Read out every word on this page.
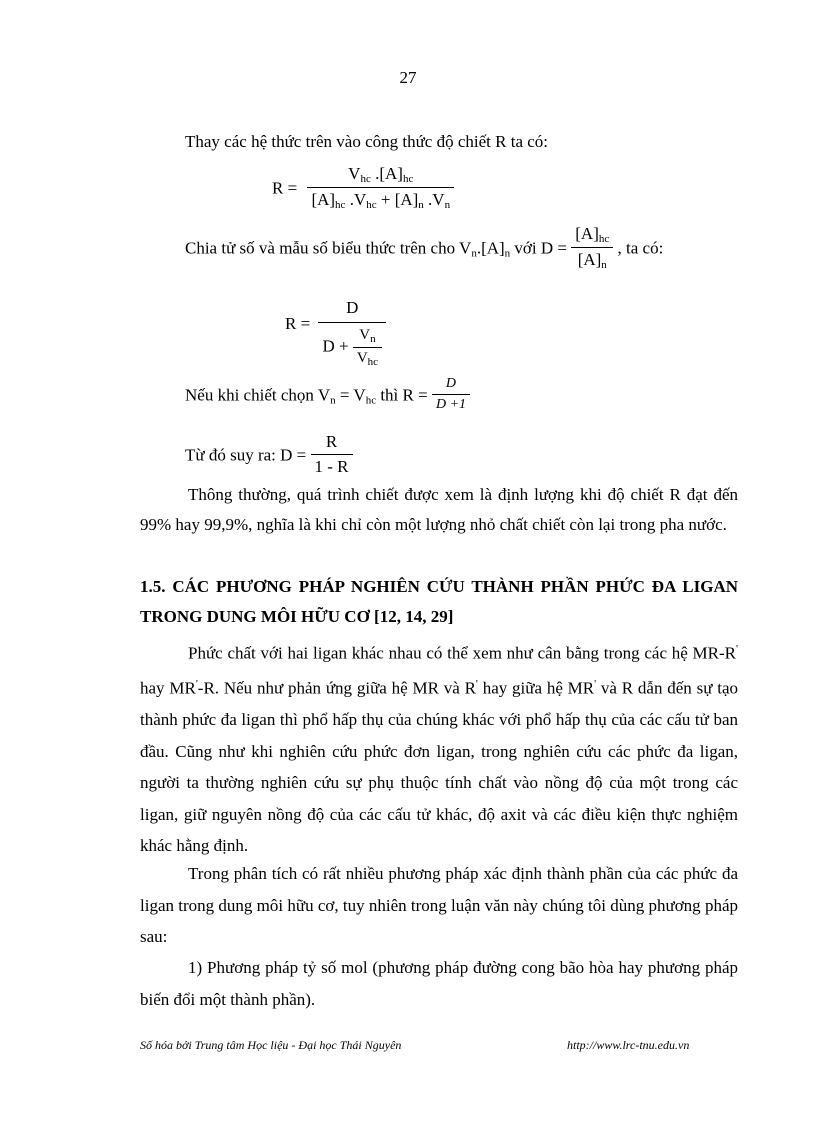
27
Thay các hệ thức trên vào công thức độ chiết R ta có:
$R = \frac{V_{hc} .[A]_{hc}}{[A]_{hc} .V_{hc} + [A]_n .V_n}$
Chia tử số và mẫu số biểu thức trên cho $V_n.[A]_n$ với $D = \frac{[A]_{hc}}{[A]_n}$ , ta có:
$R = \frac{D}{D + \frac{V_n}{V_{hc}}}$
Nếu khi chiết chọn $V_n = V_{hc}$ thì $R = \frac{D}{D +1}$
Từ đó suy ra: $D = \frac{R}{1 - R}$
Thông thường, quá trình chiết được xem là định lượng khi độ chiết R đạt đến 99% hay 99,9%, nghĩa là khi chỉ còn một lượng nhỏ chất chiết còn lại trong pha nước.
1.5. CÁC PHƯƠNG PHÁP NGHIÊN CỨU THÀNH PHẦN PHỨC ĐA LIGAN TRONG DUNG MÔI HỮU CƠ [12, 14, 29]
Phức chất với hai ligan khác nhau có thể xem như cân bằng trong các hệ MR-R' hay MR'-R. Nếu như phản ứng giữa hệ MR và R' hay giữa hệ MR' và R dẫn đến sự tạo thành phức đa ligan thì phổ hấp thụ của chúng khác với phổ hấp thụ của các cấu tử ban đầu. Cũng như khi nghiên cứu phức đơn ligan, trong nghiên cứu các phức đa ligan, người ta thường nghiên cứu sự phụ thuộc tính chất vào nồng độ của một trong các ligan, giữ nguyên nồng độ của các cấu tử khác, độ axit và các điều kiện thực nghiệm khác hằng định.
Trong phân tích có rất nhiều phương pháp xác định thành phần của các phức đa ligan trong dung môi hữu cơ, tuy nhiên trong luận văn này chúng tôi dùng phương pháp sau:
1) Phương pháp tỷ số mol (phương pháp đường cong bão hòa hay phương pháp biến đổi một thành phần).
Số hóa bởi Trung tâm Học liệu - Đại học Thái Nguyên	http://www.lrc-tnu.edu.vn
